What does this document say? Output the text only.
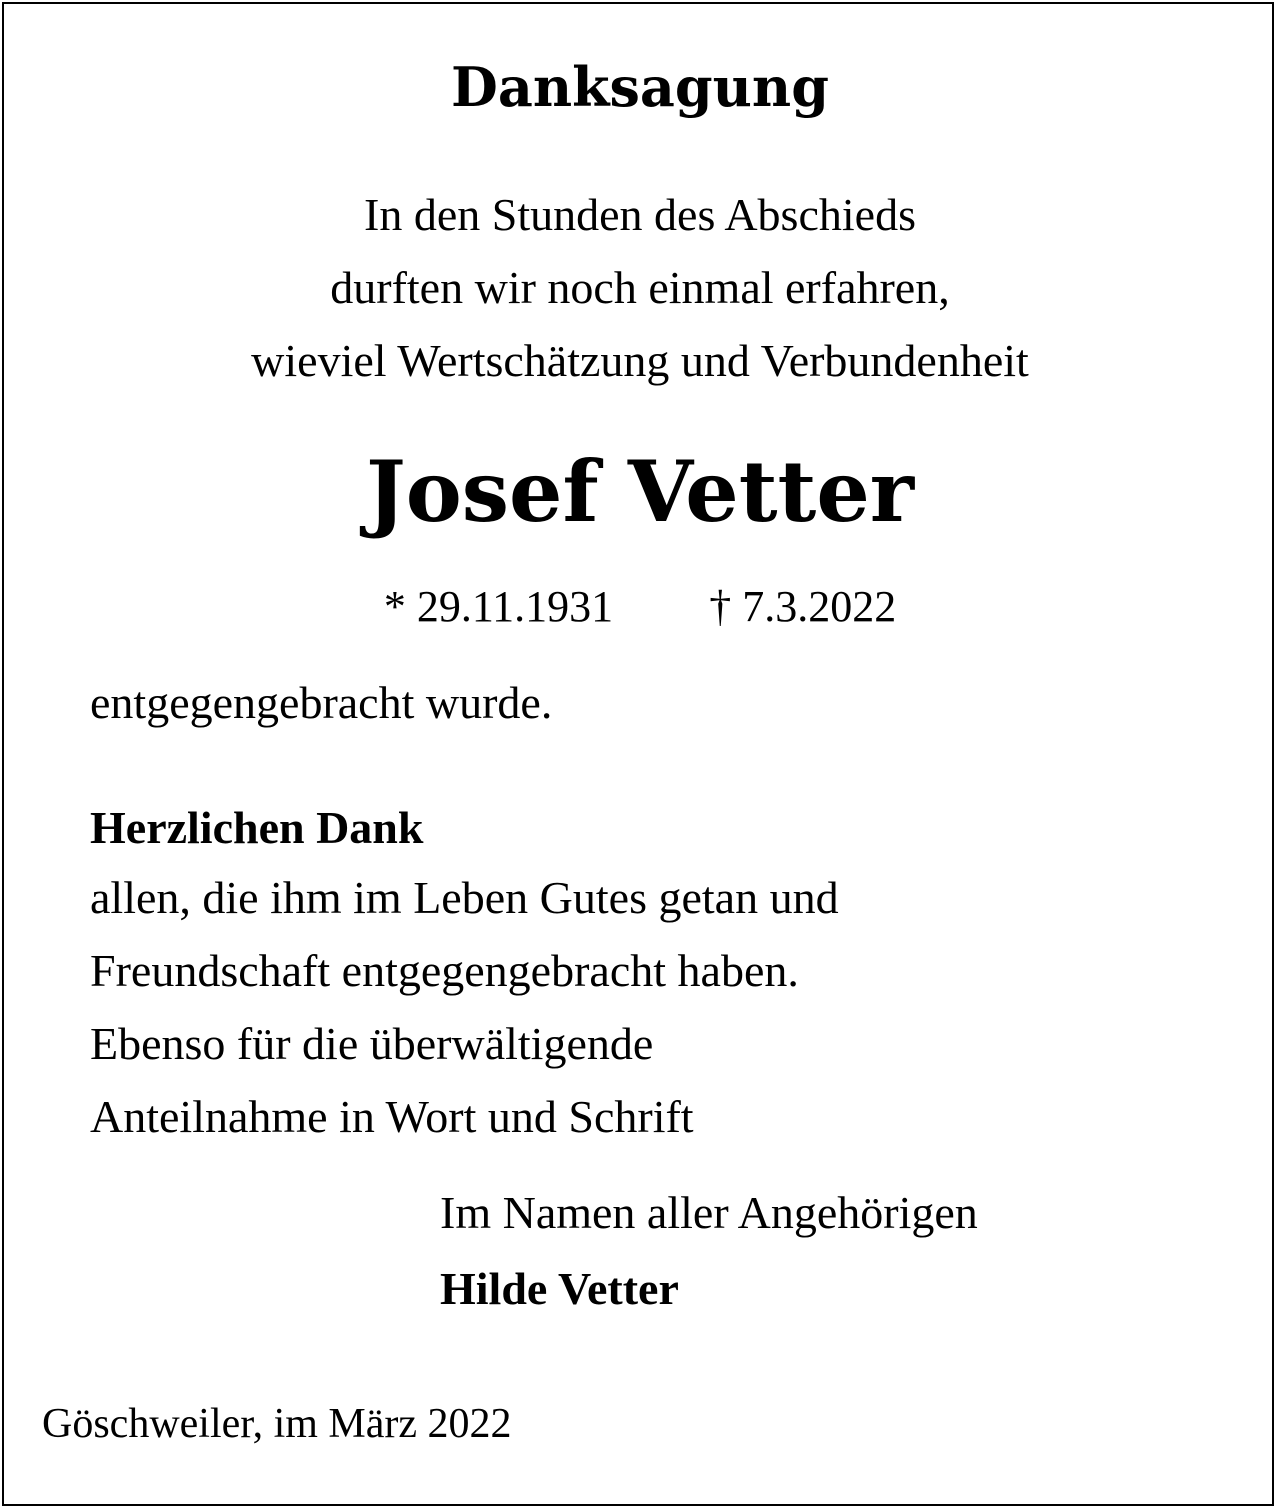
Danksagung
In den Stunden des Abschieds
durften wir noch einmal erfahren,
wieviel Wertschätzung und Verbundenheit
Josef Vetter
* 29.11.1931 † 7.3.2022
entgegengebracht wurde.
Herzlichen Dank
allen, die ihm im Leben Gutes getan und
Freundschaft entgegengebracht haben.
Ebenso für die überwältigende
Anteilnahme in Wort und Schrift
Im Namen aller Angehörigen
Hilde Vetter
Göschweiler, im März 2022
